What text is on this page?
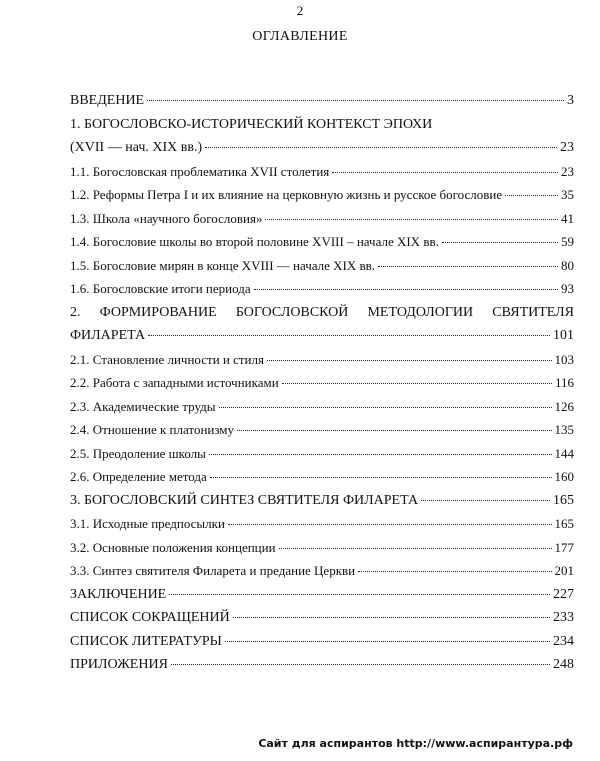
2
ОГЛАВЛЕНИЕ
ВВЕДЕНИЕ	3
1. БОГОСЛОВСКО-ИСТОРИЧЕСКИЙ КОНТЕКСТ ЭПОХИ
(XVII — нач. XIX вв.)	23
1.1. Богословская проблематика XVII столетия	23
1.2. Реформы Петра I и их влияние на церковную жизнь и русское богословие	35
1.3. Школа «научного богословия»	41
1.4. Богословие школы во второй половине XVIII – начале XIX вв.	59
1.5. Богословие мирян в конце XVIII — начале XIX вв.	80
1.6. Богословские итоги периода	93
2. ФОРМИРОВАНИЕ БОГОСЛОВСКОЙ МЕТОДОЛОГИИ СВЯТИТЕЛЯ
ФИЛАРЕТА	101
2.1. Становление личности и стиля	103
2.2. Работа с западными источниками	116
2.3. Академические труды	126
2.4. Отношение к платонизму	135
2.5. Преодоление школы	144
2.6. Определение метода	160
3. БОГОСЛОВСКИЙ СИНТЕЗ СВЯТИТЕЛЯ ФИЛАРЕТА	165
3.1. Исходные предпосылки	165
3.2. Основные положения концепции	177
3.3. Синтез святителя Филарета и предание Церкви	201
ЗАКЛЮЧЕНИЕ	227
СПИСОК СОКРАЩЕНИЙ	233
СПИСОК ЛИТЕРАТУРЫ	234
ПРИЛОЖЕНИЯ	248
Сайт для аспирантов http://www.аспирантура.рф
